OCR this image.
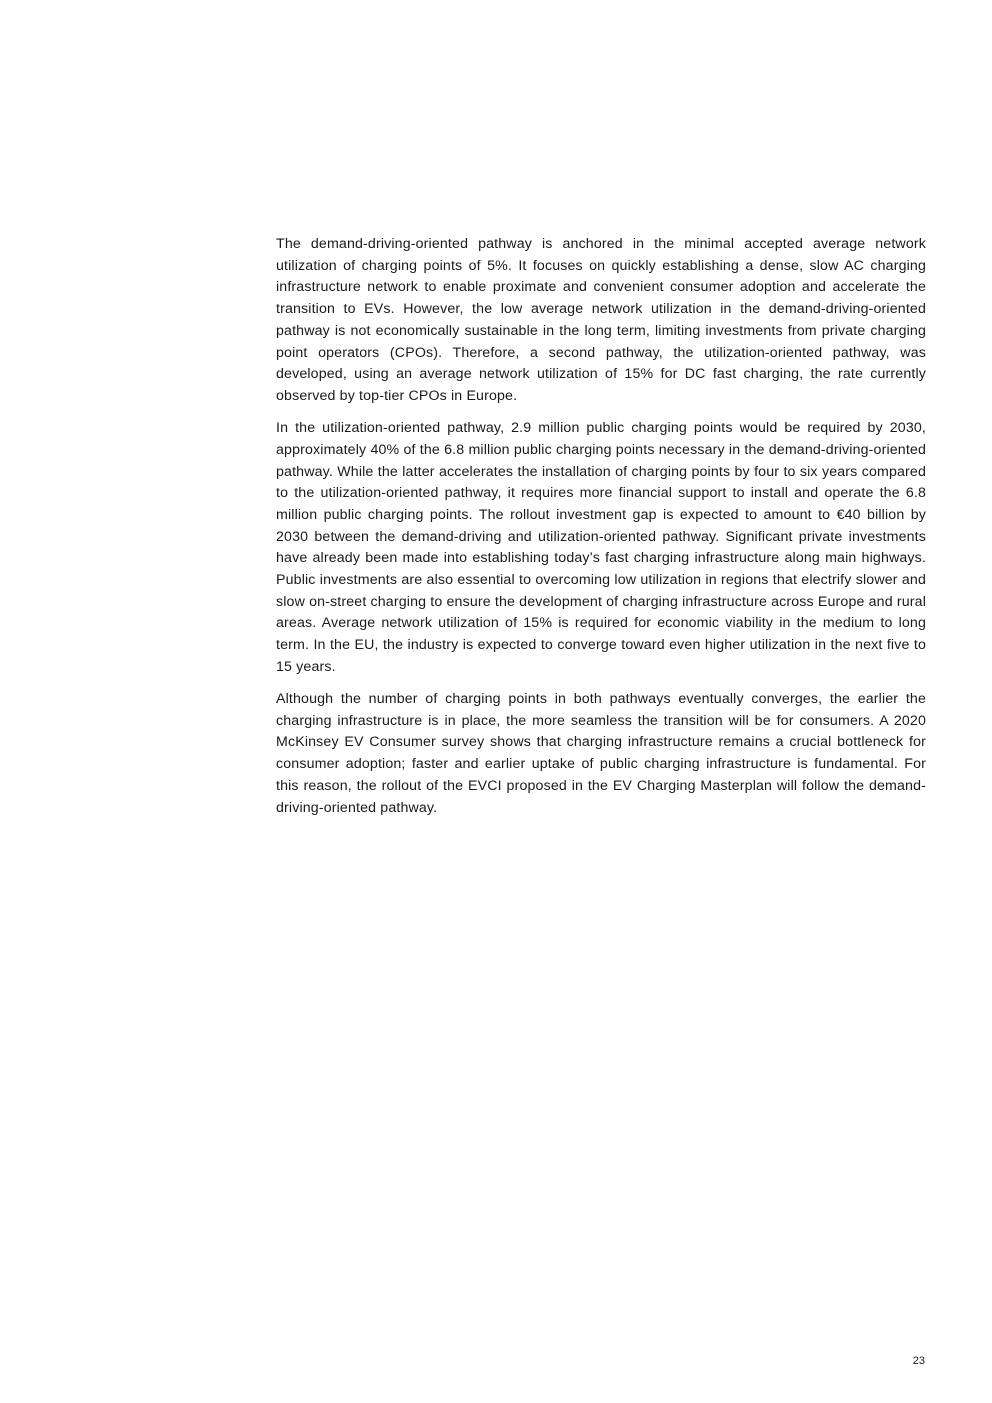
The demand-driving-oriented pathway is anchored in the minimal accepted average network utilization of charging points of 5%. It focuses on quickly establishing a dense, slow AC charging infrastructure network to enable proximate and convenient consumer adoption and accelerate the transition to EVs. However, the low average network utilization in the demand-driving-oriented pathway is not economically sustainable in the long term, limiting investments from private charging point operators (CPOs). Therefore, a second pathway, the utilization-oriented pathway, was developed, using an average network utilization of 15% for DC fast charging, the rate currently observed by top-tier CPOs in Europe.

In the utilization-oriented pathway, 2.9 million public charging points would be required by 2030, approximately 40% of the 6.8 million public charging points necessary in the demand-driving-oriented pathway. While the latter accelerates the installation of charging points by four to six years compared to the utilization-oriented pathway, it requires more financial support to install and operate the 6.8 million public charging points. The rollout investment gap is expected to amount to €40 billion by 2030 between the demand-driving and utilization-oriented pathway. Significant private investments have already been made into establishing today’s fast charging infrastructure along main highways. Public investments are also essential to overcoming low utilization in regions that electrify slower and slow on-street charging to ensure the development of charging infrastructure across Europe and rural areas. Average network utilization of 15% is required for economic viability in the medium to long term. In the EU, the industry is expected to converge toward even higher utilization in the next five to 15 years.

Although the number of charging points in both pathways eventually converges, the earlier the charging infrastructure is in place, the more seamless the transition will be for consumers. A 2020 McKinsey EV Consumer survey shows that charging infrastructure remains a crucial bottleneck for consumer adoption; faster and earlier uptake of public charging infrastructure is fundamental. For this reason, the rollout of the EVCI proposed in the EV Charging Masterplan will follow the demand-driving-oriented pathway.

23
